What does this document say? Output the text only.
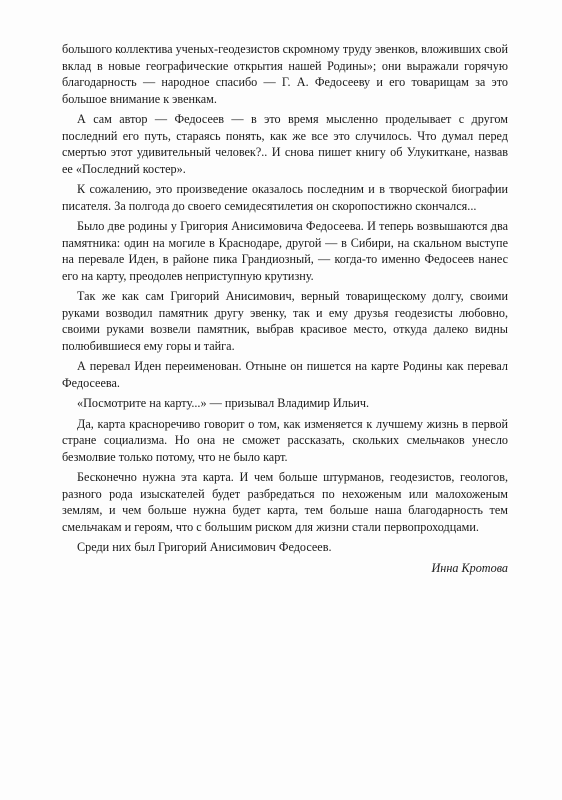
большого коллектива ученых-геодезистов скромному труду эвенков, вложивших свой вклад в новые географические открытия нашей Родины»; они выражали горячую благодарность — народное спасибо — Г. А. Федосееву и его товарищам за это большое внимание к эвенкам.

А сам автор — Федосеев — в это время мысленно проделывает с другом последний его путь, стараясь понять, как же все это случилось. Что думал перед смертью этот удивительный человек?.. И снова пишет книгу об Улукиткане, назвав ее «Последний костер».

К сожалению, это произведение оказалось последним и в творческой биографии писателя. За полгода до своего семидесятилетия он скоропостижно скончался...

Было две родины у Григория Анисимовича Федосеева. И теперь возвышаются два памятника: один на могиле в Краснодаре, другой — в Сибири, на скальном выступе на перевале Иден, в районе пика Грандиозный, — когда-то именно Федосеев нанес его на карту, преодолев неприступную крутизну.

Так же как сам Григорий Анисимович, верный товарищескому долгу, своими руками возводил памятник другу эвенку, так и ему друзья геодезисты любовно, своими руками возвели памятник, выбрав красивое место, откуда далеко видны полюбившиеся ему горы и тайга.

А перевал Иден переименован. Отныне он пишется на карте Родины как перевал Федосеева.

«Посмотрите на карту...» — призывал Владимир Ильич.

Да, карта красноречиво говорит о том, как изменяется к лучшему жизнь в первой стране социализма. Но она не сможет рассказать, скольких смельчаков унесло безмолвие только потому, что не было карт.

Бесконечно нужна эта карта. И чем больше штурманов, геодезистов, геологов, разного рода изыскателей будет разбредаться по нехоженым или малохоженым землям, и чем больше нужна будет карта, тем больше наша благодарность тем смельчакам и героям, что с большим риском для жизни стали первопроходцами.

Среди них был Григорий Анисимович Федосеев.

Инна Кротова
